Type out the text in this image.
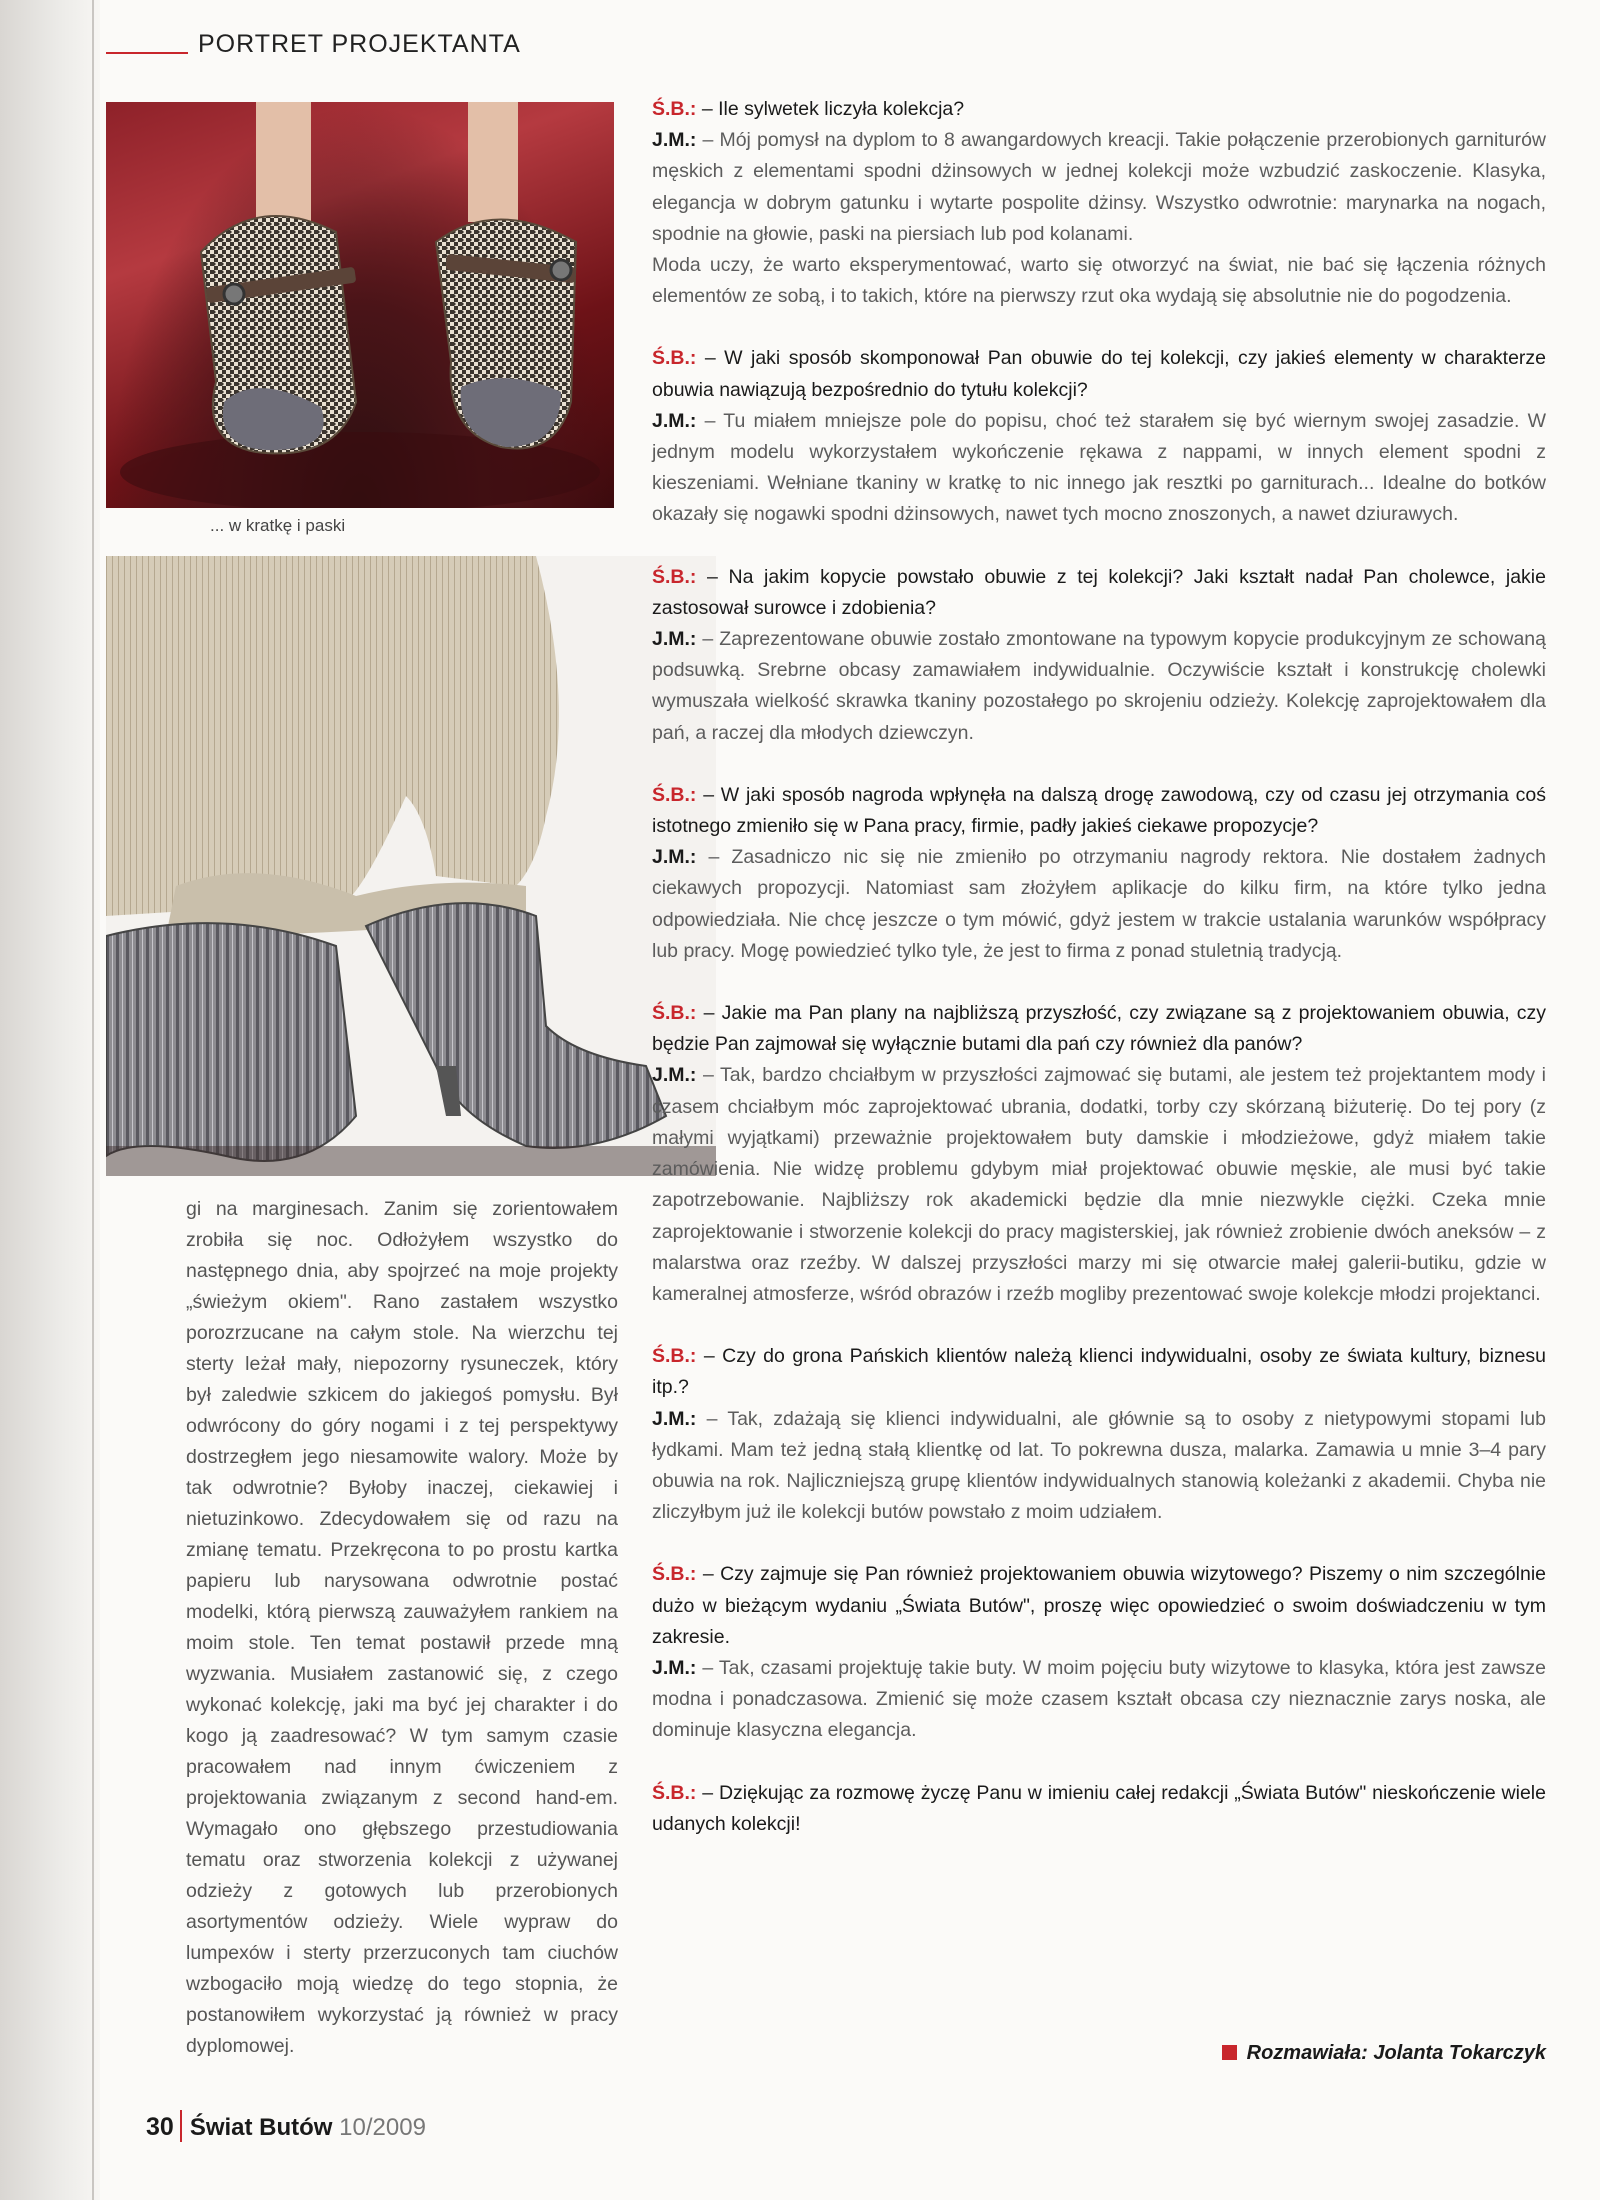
PORTRET PROJEKTANTA
... w kratkę i paski

gi na marginesach. Zanim się zorientowałem zrobiła się noc. Odłożyłem wszystko do następnego dnia, aby spojrzeć na moje projekty „świeżym okiem". Rano zastałem wszystko porozrzucane na całym stole. Na wierzchu tej sterty leżał mały, niepozorny rysuneczek, który był zaledwie szkicem do jakiegoś pomysłu. Był odwrócony do góry nogami i z tej perspektywy dostrzegłem jego niesamowite walory. Może by tak odwrotnie? Byłoby inaczej, ciekawiej i nietuzinkowo. Zdecydowałem się od razu na zmianę tematu. Przekręcona to po prostu kartka papieru lub narysowana odwrotnie postać modelki, którą pierwszą zauważyłem rankiem na moim stole. Ten temat postawił przede mną wyzwania. Musiałem zastanowić się, z czego wykonać kolekcję, jaki ma być jej charakter i do kogo ją zaadresować? W tym samym czasie pracowałem nad innym ćwiczeniem z projektowania związanym z second hand-em. Wymagało ono głębszego przestudiowania tematu oraz stworzenia kolekcji z używanej odzieży z gotowych lub przerobionych asortymentów odzieży. Wiele wypraw do lumpexów i sterty przerzuconych tam ciuchów wzbogaciło moją wiedzę do tego stopnia, że postanowiłem wykorzystać ją również w pracy dyplomowej.

Ś.B.: – Ile sylwetek liczyła kolekcja?

J.M.: – Mój pomysł na dyplom to 8 awangardowych kreacji. Takie połączenie przerobionych garniturów męskich z elementami spodni dżinsowych w jednej kolekcji może wzbudzić zaskoczenie. Klasyka, elegancja w dobrym gatunku i wytarte pospolite dżinsy. Wszystko odwrotnie: marynarka na nogach, spodnie na głowie, paski na piersiach lub pod kolanami.

Moda uczy, że warto eksperymentować, warto się otworzyć na świat, nie bać się łączenia różnych elementów ze sobą, i to takich, które na pierwszy rzut oka wydają się absolutnie nie do pogodzenia.

Ś.B.: – W jaki sposób skomponował Pan obuwie do tej kolekcji, czy jakieś elementy w charakterze obuwia nawiązują bezpośrednio do tytułu kolekcji?

J.M.: – Tu miałem mniejsze pole do popisu, choć też starałem się być wiernym swojej zasadzie. W jednym modelu wykorzystałem wykończenie rękawa z nappami, w innych element spodni z kieszeniami. Wełniane tkaniny w kratkę to nic innego jak resztki po garniturach... Idealne do botków okazały się nogawki spodni dżinsowych, nawet tych mocno znoszonych, a nawet dziurawych.

Ś.B.: – Na jakim kopycie powstało obuwie z tej kolekcji? Jaki kształt nadał Pan cholewce, jakie zastosował surowce i zdobienia?

J.M.: – Zaprezentowane obuwie zostało zmontowane na typowym kopycie produkcyjnym ze schowaną podsuwką. Srebrne obcasy zamawiałem indywidualnie. Oczywiście kształt i konstrukcję cholewki wymuszała wielkość skrawka tkaniny pozostałego po skrojeniu odzieży. Kolekcję zaprojektowałem dla pań, a raczej dla młodych dziewczyn.

Ś.B.: – W jaki sposób nagroda wpłynęła na dalszą drogę zawodową, czy od czasu jej otrzymania coś istotnego zmieniło się w Pana pracy, firmie, padły jakieś ciekawe propozycje?

J.M.: – Zasadniczo nic się nie zmieniło po otrzymaniu nagrody rektora. Nie dostałem żadnych ciekawych propozycji. Natomiast sam złożyłem aplikacje do kilku firm, na które tylko jedna odpowiedziała. Nie chcę jeszcze o tym mówić, gdyż jestem w trakcie ustalania warunków współpracy lub pracy. Mogę powiedzieć tylko tyle, że jest to firma z ponad stuletnią tradycją.

Ś.B.: – Jakie ma Pan plany na najbliższą przyszłość, czy związane są z projektowaniem obuwia, czy będzie Pan zajmował się wyłącznie butami dla pań czy również dla panów?

J.M.: – Tak, bardzo chciałbym w przyszłości zajmować się butami, ale jestem też projektantem mody i czasem chciałbym móc zaprojektować ubrania, dodatki, torby czy skórzaną biżuterię. Do tej pory (z małymi wyjątkami) przeważnie projektowałem buty damskie i młodzieżowe, gdyż miałem takie zamówienia. Nie widzę problemu gdybym miał projektować obuwie męskie, ale musi być takie zapotrzebowanie. Najbliższy rok akademicki będzie dla mnie niezwykle ciężki. Czeka mnie zaprojektowanie i stworzenie kolekcji do pracy magisterskiej, jak również zrobienie dwóch aneksów – z malarstwa oraz rzeźby. W dalszej przyszłości marzy mi się otwarcie małej galerii-butiku, gdzie w kameralnej atmosferze, wśród obrazów i rzeźb mogliby prezentować swoje kolekcje młodzi projektanci.

Ś.B.: – Czy do grona Pańskich klientów należą klienci indywidualni, osoby ze świata kultury, biznesu itp.?

J.M.: – Tak, zdażają się klienci indywidualni, ale głównie są to osoby z nietypowymi stopami lub łydkami. Mam też jedną stałą klientkę od lat. To pokrewna dusza, malarka. Zamawia u mnie 3–4 pary obuwia na rok. Najliczniejszą grupę klientów indywidualnych stanowią koleżanki z akademii. Chyba nie zliczyłbym już ile kolekcji butów powstało z moim udziałem.

Ś.B.: – Czy zajmuje się Pan również projektowaniem obuwia wizytowego? Piszemy o nim szczególnie dużo w bieżącym wydaniu „Świata Butów", proszę więc opowiedzieć o swoim doświadczeniu w tym zakresie.

J.M.: – Tak, czasami projektuję takie buty. W moim pojęciu buty wizytowe to klasyka, która jest zawsze modna i ponadczasowa. Zmienić się może czasem kształt obcasa czy nieznacznie zarys noska, ale dominuje klasyczna elegancja.

Ś.B.: – Dziękując za rozmowę życzę Panu w imieniu całej redakcji „Świata Butów" nieskończenie wiele udanych kolekcji!

Rozmawiała: Jolanta Tokarczyk
30 Świat Butów 10/2009
